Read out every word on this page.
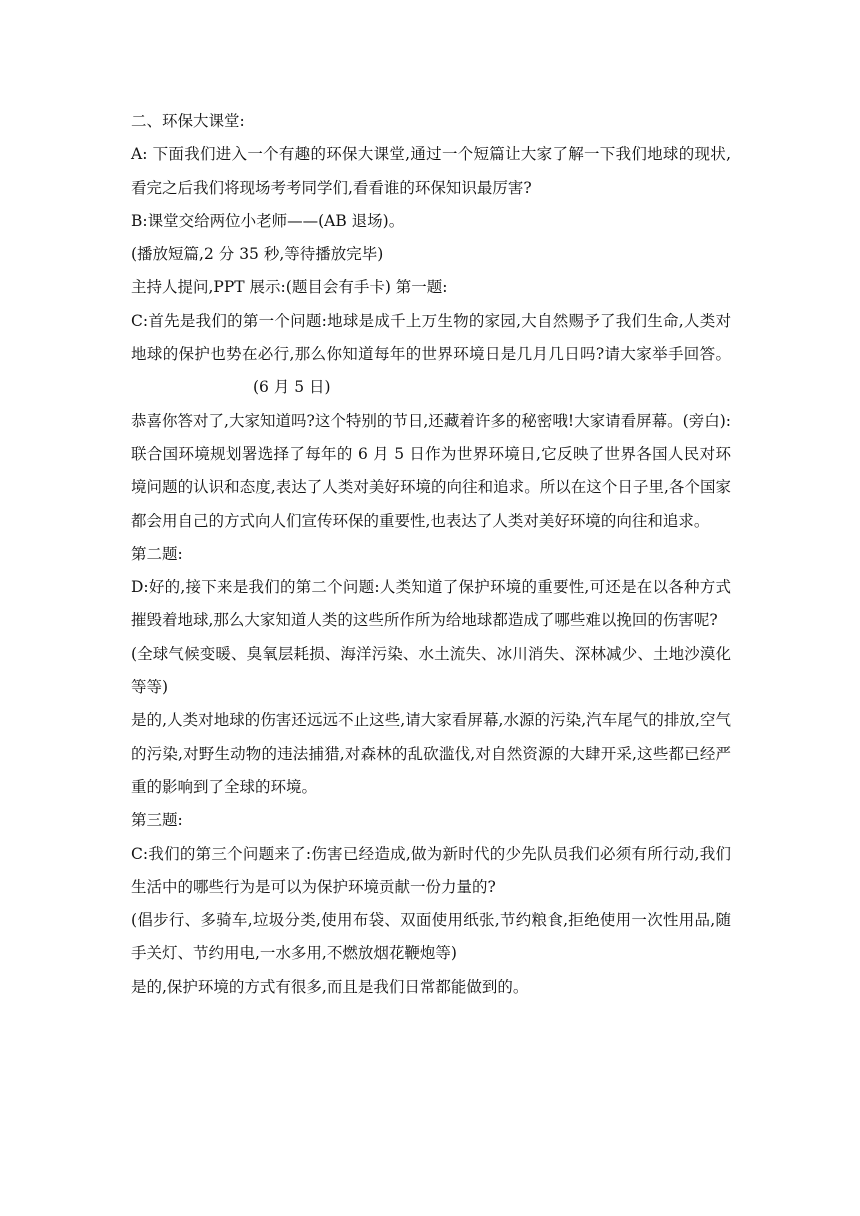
二、环保大课堂:

A: 下面我们进入一个有趣的环保大课堂,通过一个短篇让大家了解一下我们地球的现状,看完之后我们将现场考考同学们,看看谁的环保知识最厉害?

B:课堂交给两位小老师——(AB 退场)。

(播放短篇,2 分 35 秒,等待播放完毕)

主持人提问,PPT 展示:(题目会有手卡) 第一题:

C:首先是我们的第一个问题:地球是成千上万生物的家园,大自然赐予了我们生命,人类对地球的保护也势在必行,那么你知道每年的世界环境日是几月几日吗?请大家举手回答。(6 月 5 日)

恭喜你答对了,大家知道吗?这个特别的节日,还藏着许多的秘密哦!大家请看屏幕。(旁白):联合国环境规划署选择了每年的 6 月 5 日作为世界环境日,它反映了世界各国人民对环境问题的认识和态度,表达了人类对美好环境的向往和追求。所以在这个日子里,各个国家都会用自己的方式向人们宣传环保的重要性,也表达了人类对美好环境的向往和追求。

第二题:

D:好的,接下来是我们的第二个问题:人类知道了保护环境的重要性,可还是在以各种方式摧毁着地球,那么大家知道人类的这些所作所为给地球都造成了哪些难以挽回的伤害呢?

(全球气候变暖、臭氧层耗损、海洋污染、水土流失、冰川消失、深林减少、土地沙漠化等等)

是的,人类对地球的伤害还远远不止这些,请大家看屏幕,水源的污染,汽车尾气的排放,空气的污染,对野生动物的违法捕猎,对森林的乱砍滥伐,对自然资源的大肆开采,这些都已经严重的影响到了全球的环境。

第三题:

C:我们的第三个问题来了:伤害已经造成,做为新时代的少先队员我们必须有所行动,我们生活中的哪些行为是可以为保护环境贡献一份力量的?

(倡步行、多骑车,垃圾分类,使用布袋、双面使用纸张,节约粮食,拒绝使用一次性用品,随手关灯、节约用电,一水多用,不燃放烟花鞭炮等)

是的,保护环境的方式有很多,而且是我们日常都能做到的。
